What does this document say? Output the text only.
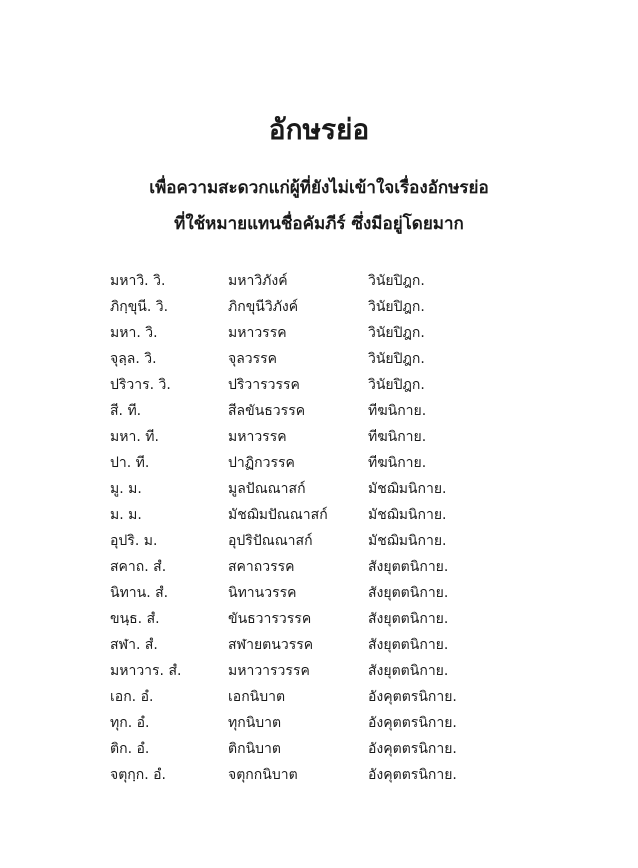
อักษรย่อ
เพื่อความสะดวกแก่ผู้ที่ยังไม่เข้าใจเรื่องอักษรย่อ
ที่ใช้หมายแทนชื่อคัมภีร์ ซึ่งมีอยู่โดยมาก
มหาวิ. วิ.	มหาวิภังค์	วินัยปิฎก.
ภิกฺขุนี. วิ.	ภิกขุนีวิภังค์	วินัยปิฎก.
มหา. วิ.	มหาวรรค	วินัยปิฎก.
จุลฺล. วิ.	จุลวรรค	วินัยปิฎก.
ปริวาร. วิ.	ปริวารวรรค	วินัยปิฎก.
สี. ที.	สีลขันธวรรค	ทีฆนิกาย.
มหา. ที.	มหาวรรค	ทีฆนิกาย.
ปา. ที.	ปาฏิกวรรค	ทีฆนิกาย.
มู. ม.	มูลปัณณาสก์	มัชฌิมนิกาย.
ม. ม.	มัชฌิมปัณณาสก์	มัชฌิมนิกาย.
อุปริ. ม.	อุปริปัณณาสก์	มัชฌิมนิกาย.
สคาถ. สํ.	สคาถวรรค	สังยุตตนิกาย.
นิทาน. สํ.	นิทานวรรค	สังยุตตนิกาย.
ขนฺธ. สํ.	ขันธวารวรรค	สังยุตตนิกาย.
สฬา. สํ.	สฬายตนวรรค	สังยุตตนิกาย.
มหาวาร. สํ.	มหาวารวรรค	สังยุตตนิกาย.
เอก. อํ.	เอกนิบาต	อังคุตตรนิกาย.
ทุก. อํ.	ทุกนิบาต	อังคุตตรนิกาย.
ติก. อํ.	ติกนิบาต	อังคุตตรนิกาย.
จตุกฺก. อํ.	จตุกกนิบาต	อังคุตตรนิกาย.
